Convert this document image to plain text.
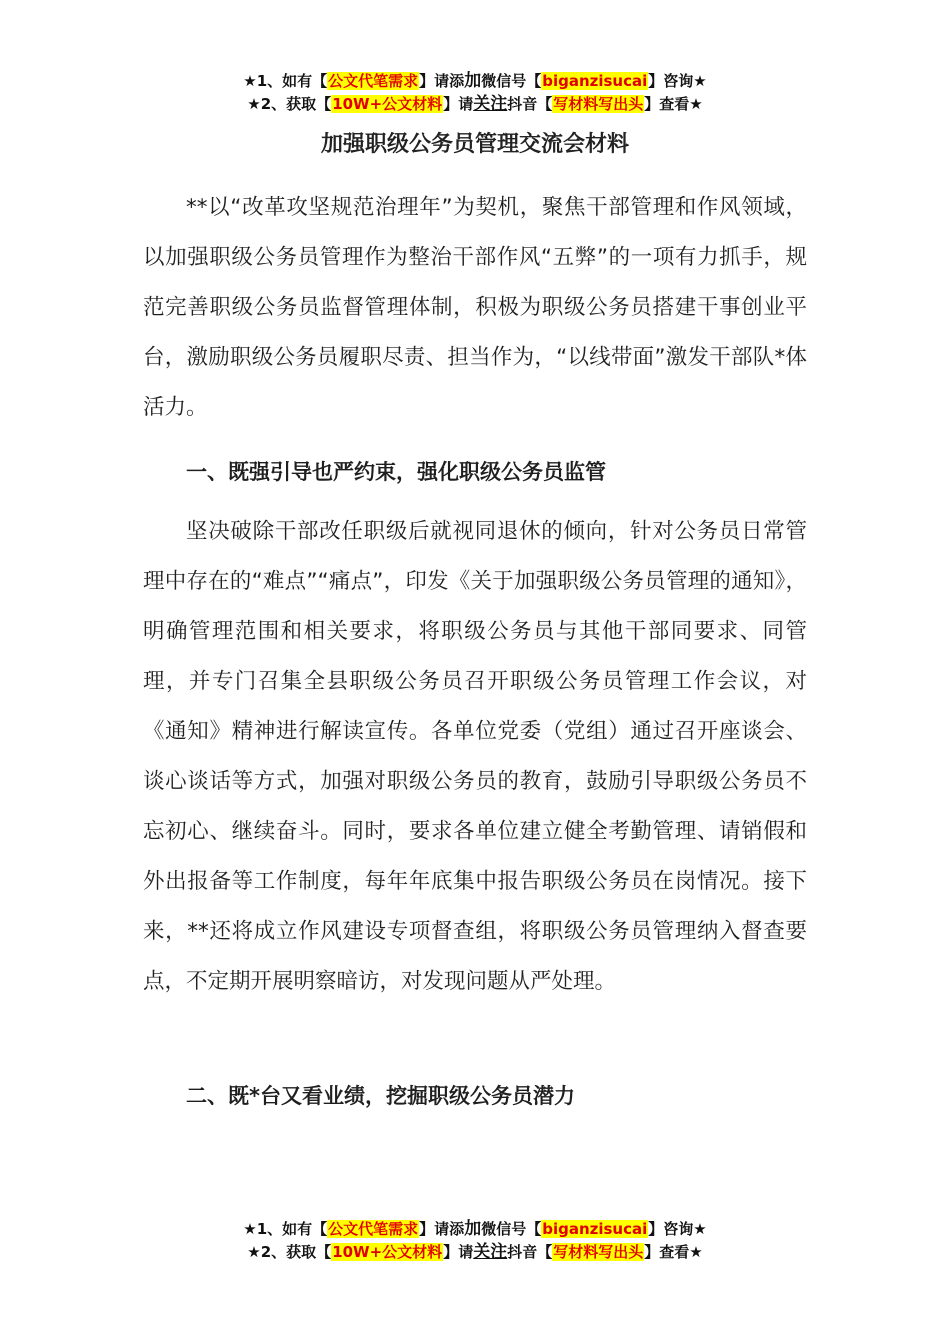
★1、如有【公文代笔需求】请添加微信号【biganzisucai】咨询★
★2、获取【10W+公文材料】请关注抖音【写材料写出头】查看★
加强职级公务员管理交流会材料

**以“改革攻坚规范治理年”为契机，聚焦干部管理和作风领域，以加强职级公务员管理作为整治干部作风“五弊”的一项有力抓手，规范完善职级公务员监督管理体制，积极为职级公务员搭建干事创业平台，激励职级公务员履职尽责、担当作为，“以线带面”激发干部队*体活力。

一、既强引导也严约束，强化职级公务员监管

坚决破除干部改任职级后就视同退休的倾向，针对公务员日常管理中存在的“难点”“痛点”，印发《关于加强职级公务员管理的通知》，明确管理范围和相关要求，将职级公务员与其他干部同要求、同管理，并专门召集全县职级公务员召开职级公务员管理工作会议，对《通知》精神进行解读宣传。各单位党委（党组）通过召开座谈会、谈心谈话等方式，加强对职级公务员的教育，鼓励引导职级公务员不忘初心、继续奋斗。同时，要求各单位建立健全考勤管理、请销假和外出报备等工作制度，每年年底集中报告职级公务员在岗情况。接下来，**还将成立作风建设专项督查组，将职级公务员管理纳入督查要点，不定期开展明察暗访，对发现问题从严处理。

二、既*台又看业绩，挖掘职级公务员潜力
★1、如有【公文代笔需求】请添加微信号【biganzisucai】咨询★
★2、获取【10W+公文材料】请关注抖音【写材料写出头】查看★
